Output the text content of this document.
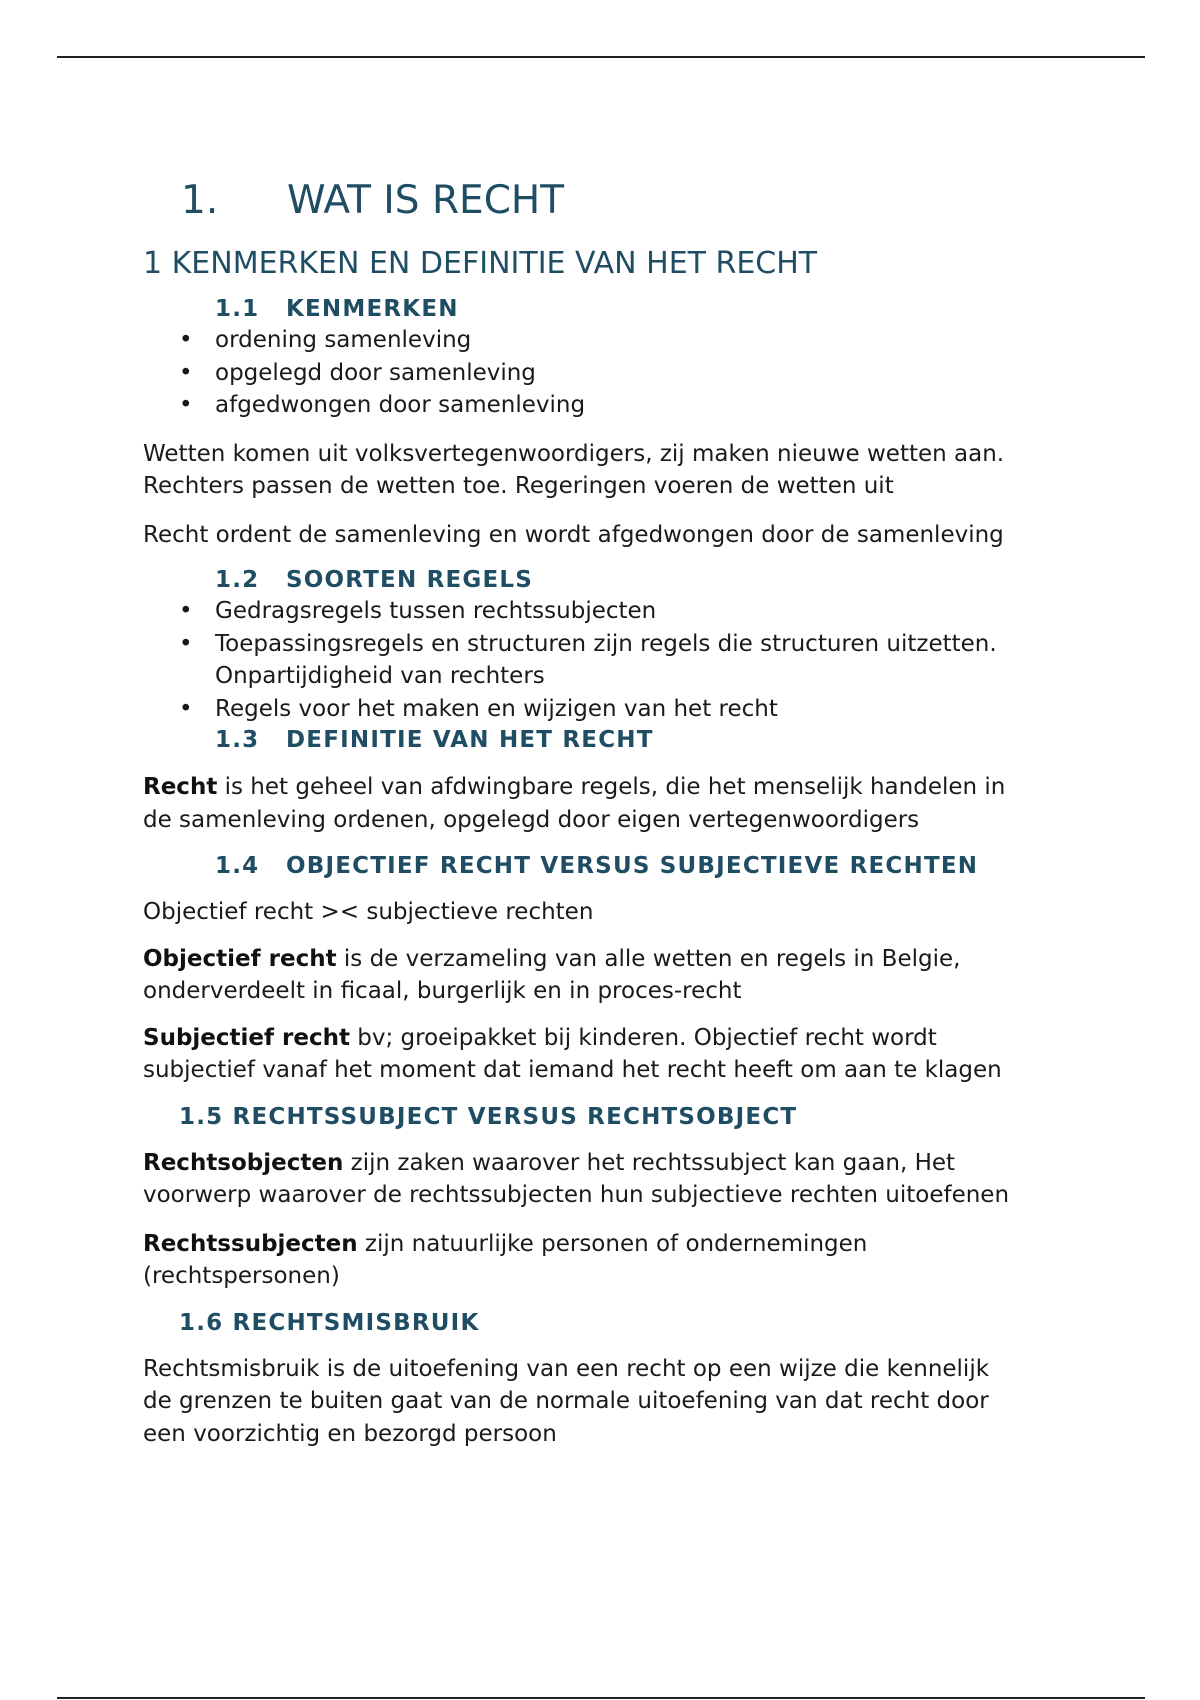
1. WAT IS RECHT
1 KENMERKEN EN DEFINITIE VAN HET RECHT
1.1 KENMERKEN
• ordening samenleving
• opgelegd door samenleving
• afgedwongen door samenleving

Wetten komen uit volksvertegenwoordigers, zij maken nieuwe wetten aan.
Rechters passen de wetten toe. Regeringen voeren de wetten uit

Recht ordent de samenleving en wordt afgedwongen door de samenleving

1.2 SOORTEN REGELS
• Gedragsregels tussen rechtssubjecten
• Toepassingsregels en structuren zijn regels die structuren uitzetten.
Onpartijdigheid van rechters
• Regels voor het maken en wijzigen van het recht
1.3 DEFINITIE VAN HET RECHT

Recht is het geheel van afdwingbare regels, die het menselijk handelen in
de samenleving ordenen, opgelegd door eigen vertegenwoordigers

1.4 OBJECTIEF RECHT VERSUS SUBJECTIEVE RECHTEN

Objectief recht >< subjectieve rechten

Objectief recht is de verzameling van alle wetten en regels in Belgie,
onderverdeelt in ficaal, burgerlijk en in proces-recht

Subjectief recht bv; groeipakket bij kinderen. Objectief recht wordt
subjectief vanaf het moment dat iemand het recht heeft om aan te klagen

1.5 RECHTSSUBJECT VERSUS RECHTSOBJECT

Rechtsobjecten zijn zaken waarover het rechtssubject kan gaan, Het
voorwerp waarover de rechtssubjecten hun subjectieve rechten uitoefenen

Rechtssubjecten zijn natuurlijke personen of ondernemingen
(rechtspersonen)

1.6 RECHTSMISBRUIK

Rechtsmisbruik is de uitoefening van een recht op een wijze die kennelijk
de grenzen te buiten gaat van de normale uitoefening van dat recht door
een voorzichtig en bezorgd persoon
